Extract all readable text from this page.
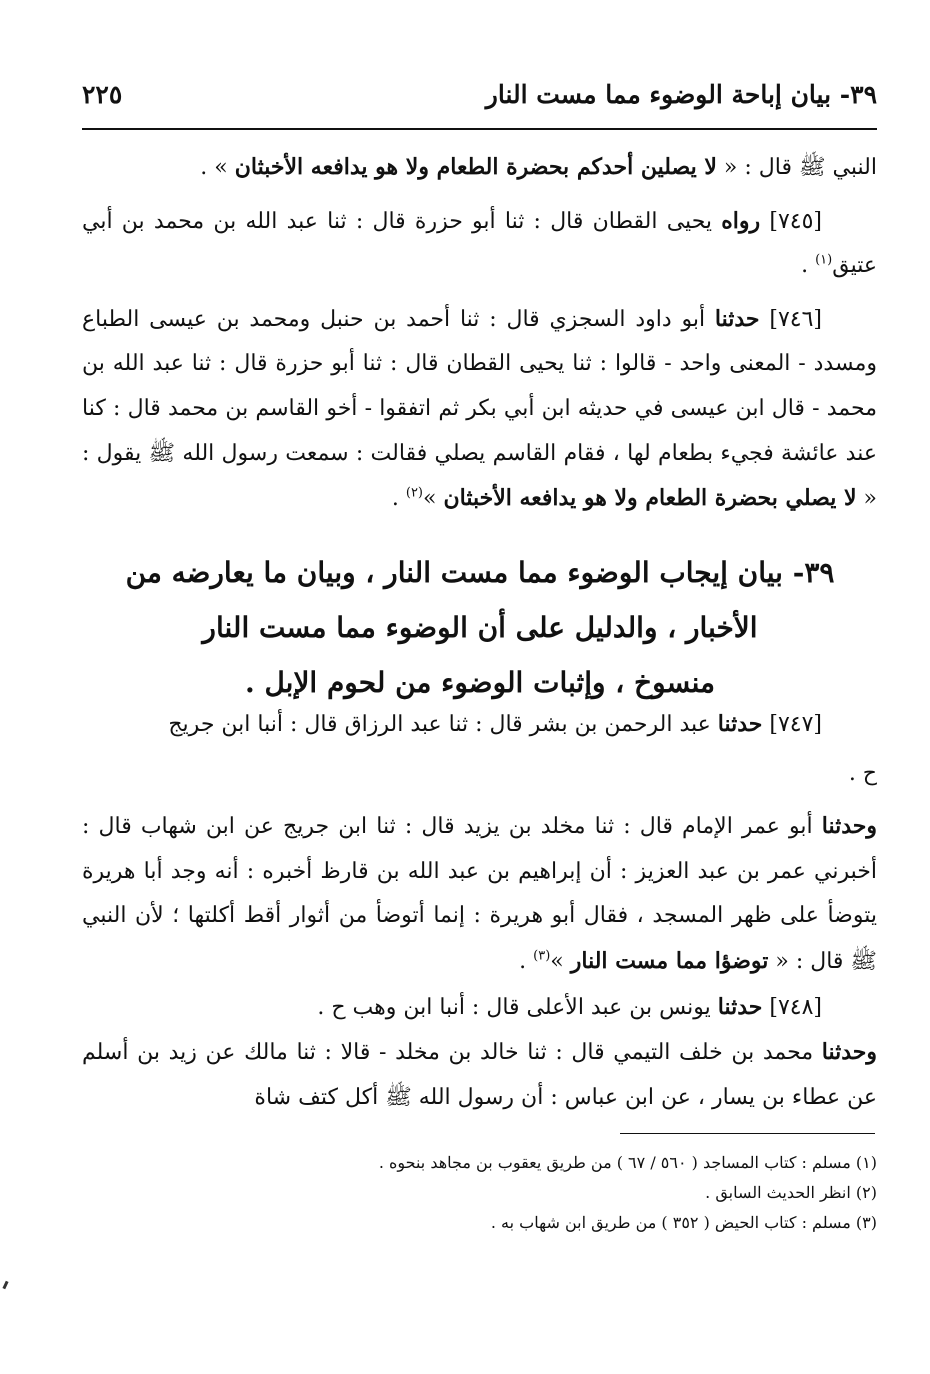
٣٩- بيان إباحة الوضوء مما مست النار
٢٢٥

النبي ﷺ قال : « لا يصلين أحدكم بحضرة الطعام ولا هو يدافعه الأخبثان » .

[٧٤٥] رواه يحيى القطان قال : ثنا أبو حزرة قال : ثنا عبد الله بن محمد بن أبي عتيق$^{(١)}$ .

[٧٤٦] حدثنا أبو داود السجزي قال : ثنا أحمد بن حنبل ومحمد بن عيسى الطباع ومسدد - المعنى واحد - قالوا : ثنا يحيى القطان قال : ثنا أبو حزرة قال : ثنا عبد الله بن محمد - قال ابن عيسى في حديثه ابن أبي بكر ثم اتفقوا - أخو القاسم بن محمد قال : كنا عند عائشة فجيء بطعام لها ، فقام القاسم يصلي فقالت : سمعت رسول الله ﷺ يقول : « لا يصلي بحضرة الطعام ولا هو يدافعه الأخبثان »$^{(٢)}$ .

٣٩- بيان إيجاب الوضوء مما مست النار ، وبيان ما يعارضه من
الأخبار ، والدليل على أن الوضوء مما مست النار
منسوخ ، وإثبات الوضوء من لحوم الإبل .

[٧٤٧] حدثنا عبد الرحمن بن بشر قال : ثنا عبد الرزاق قال : أنبا ابن جريج

ح .

وحدثنا أبو عمر الإمام قال : ثنا مخلد بن يزيد قال : ثنا ابن جريج عن ابن شهاب قال : أخبرني عمر بن عبد العزيز : أن إبراهيم بن عبد الله بن قارظ أخبره : أنه وجد أبا هريرة يتوضأ على ظهر المسجد ، فقال أبو هريرة : إنما أتوضأ من أثوار أقط أكلتها ؛ لأن النبي ﷺ قال : « توضؤا مما مست النار »$^{(٣)}$ .

[٧٤٨] حدثنا يونس بن عبد الأعلى قال : أنبا ابن وهب ح .

وحدثنا محمد بن خلف التيمي قال : ثنا خالد بن مخلد - قالا : ثنا مالك عن زيد بن أسلم عن عطاء بن يسار ، عن ابن عباس : أن رسول الله ﷺ أكل كتف شاة

(١) مسلم : كتاب المساجد ( ٥٦٠ / ٦٧ ) من طريق يعقوب بن مجاهد بنحوه .

(٢) انظر الحديث السابق .

(٣) مسلم : كتاب الحيض ( ٣٥٢ ) من طريق ابن شهاب به .
